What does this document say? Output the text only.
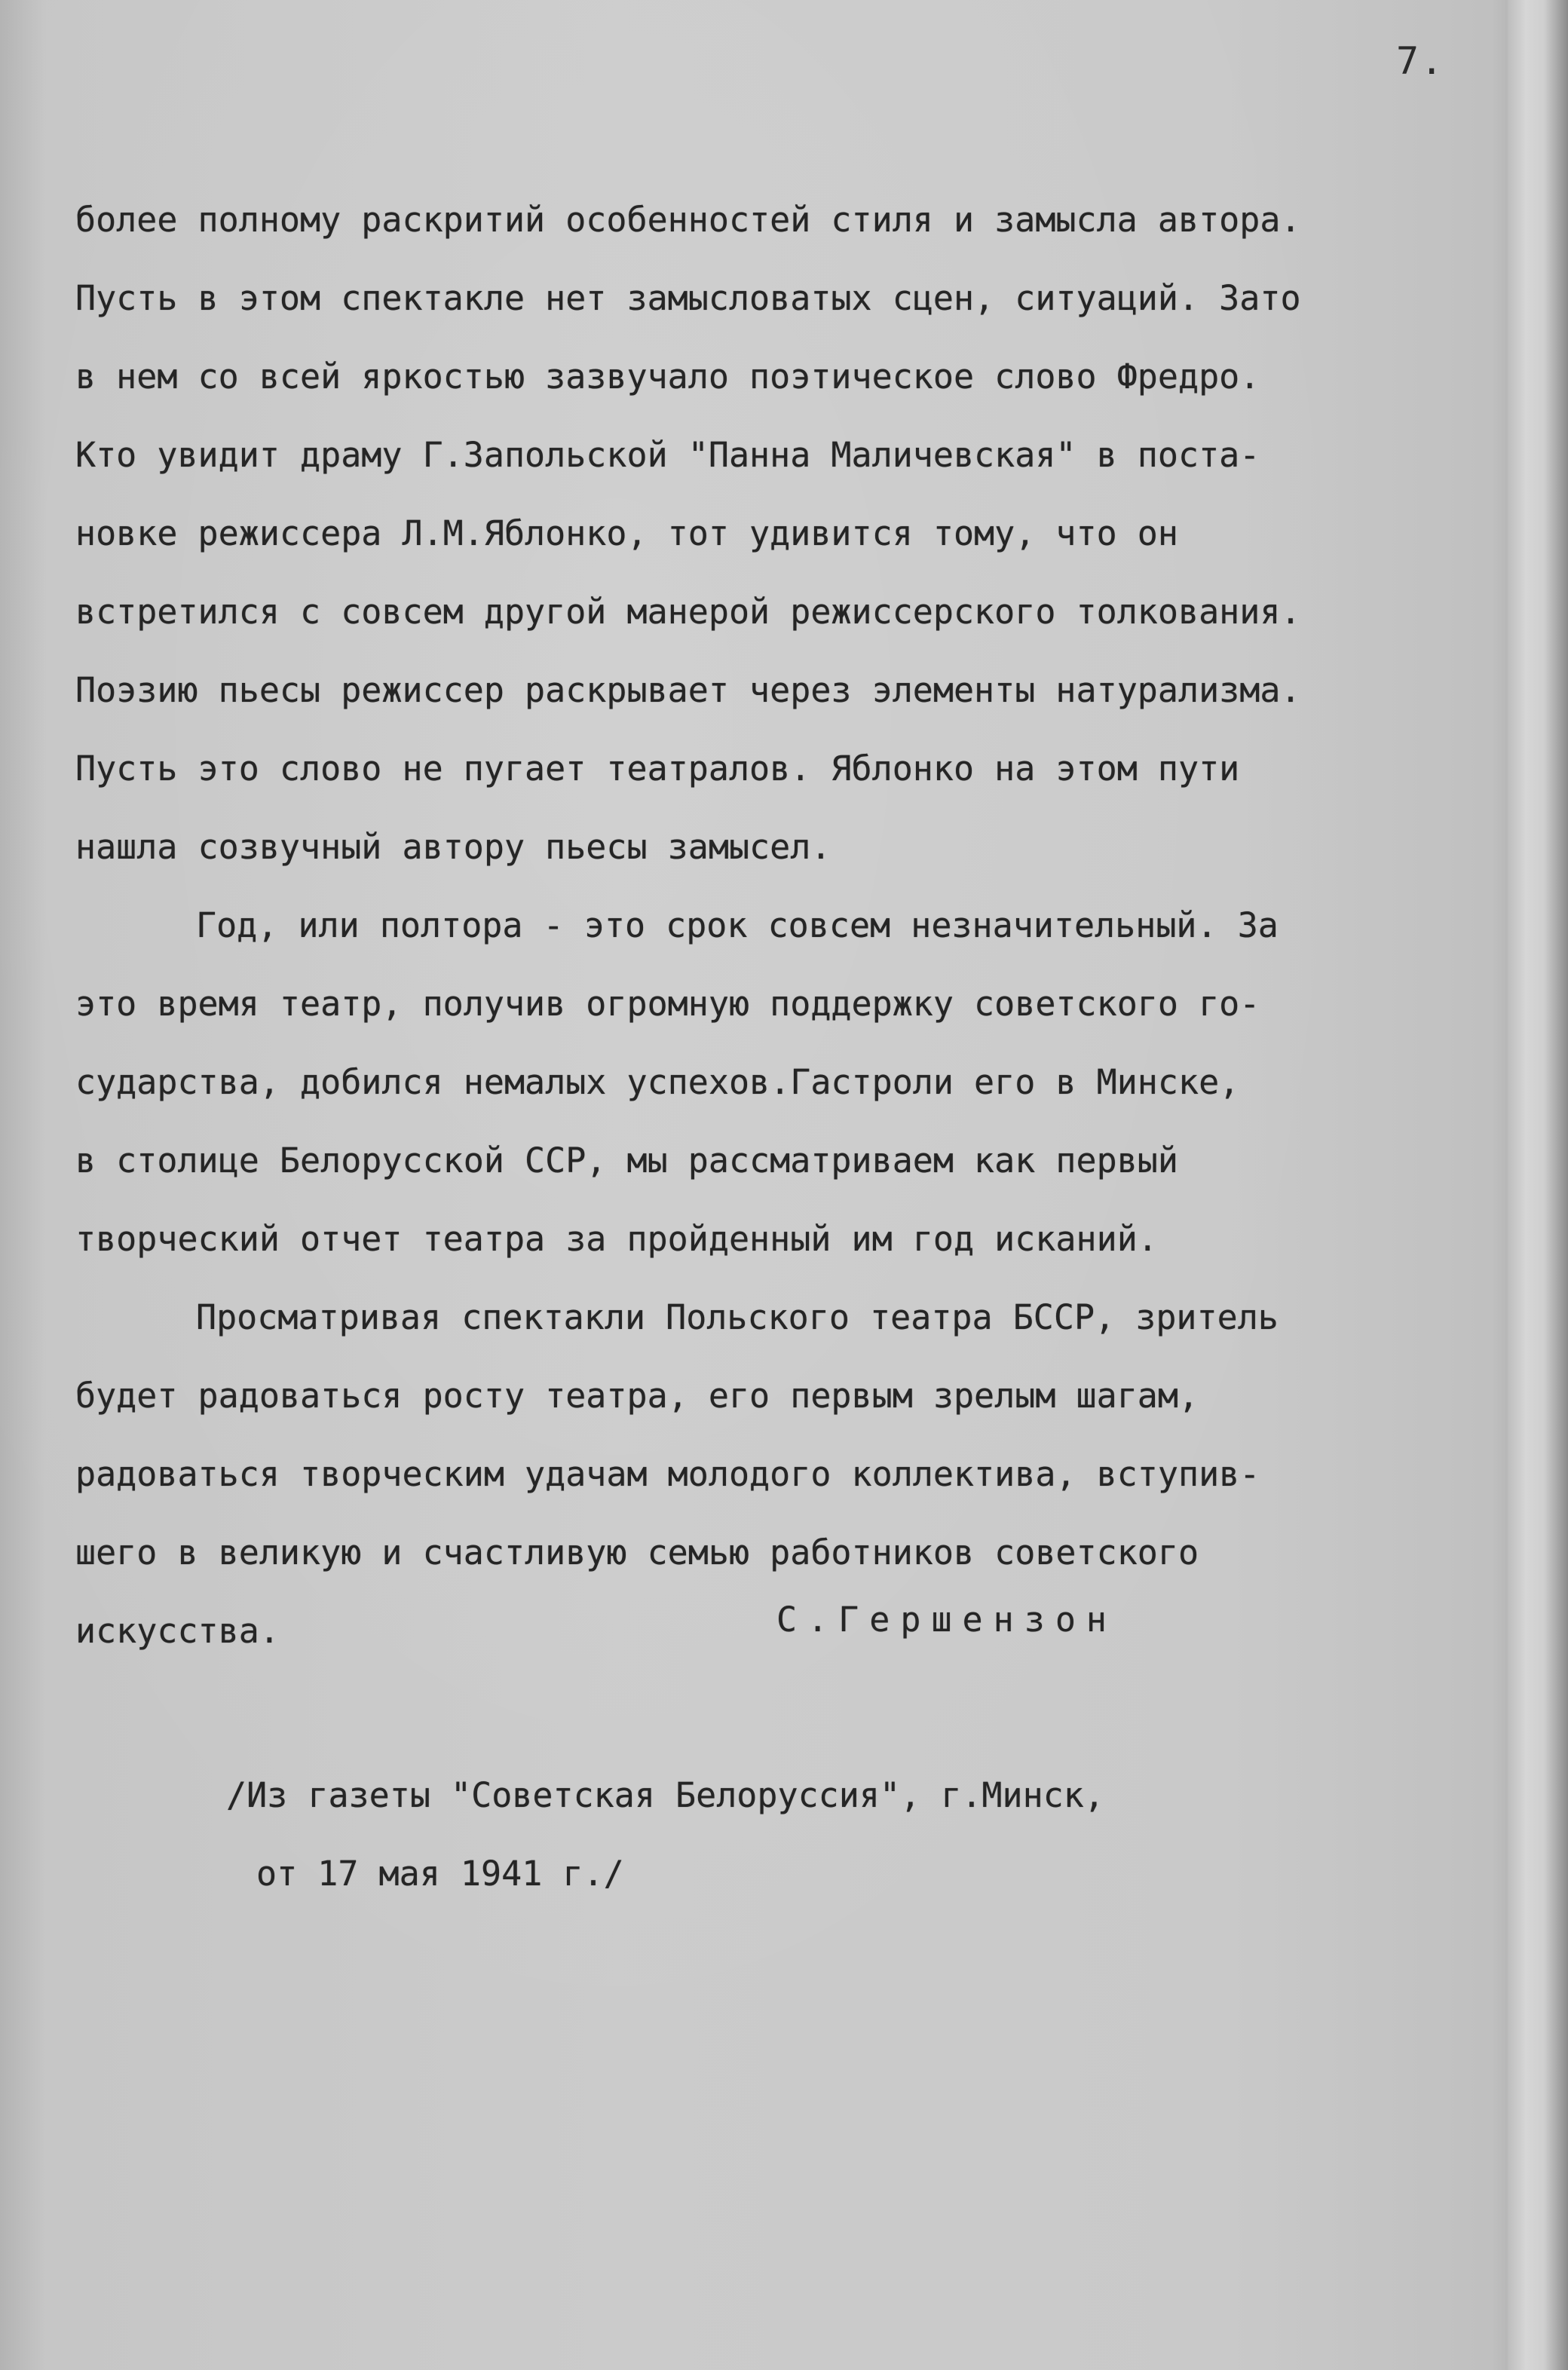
7.
более полному раскритий особенностей стиля и замысла автора.
Пусть в этом спектакле нет замысловатых сцен, ситуаций. Зато
в нем со всей яркостью зазвучало поэтическое слово Фредро.
Кто увидит драму Г.Запольской "Панна Маличевская" в поста-
новке режиссера Л.М.Яблонко, тот удивится тому, что он
встретился с совсем другой манерой режиссерского толкования.
Поэзию пьесы режиссер раскрывает через элементы натурализма.
Пусть это слово не пугает театралов. Яблонко на этом пути
нашла созвучный автору пьесы замысел.
Год, или полтора - это срок совсем незначительный. За
это время театр, получив огромную поддержку советского го-
сударства, добился немалых успехов.Гастроли его в Минске,
в столице Белорусской ССР, мы рассматриваем как первый
творческий отчет театра за пройденный им год исканий.
Просматривая спектакли Польского театра БССР, зритель
будет радоваться росту театра, его первым зрелым шагам,
радоваться творческим удачам молодого коллектива, вступив-
шего в великую и счастливую семью работников советского
искусства.	С.Гершензон
/Из газеты "Советская Белоруссия", г.Минск,
от 17 мая 1941 г./
